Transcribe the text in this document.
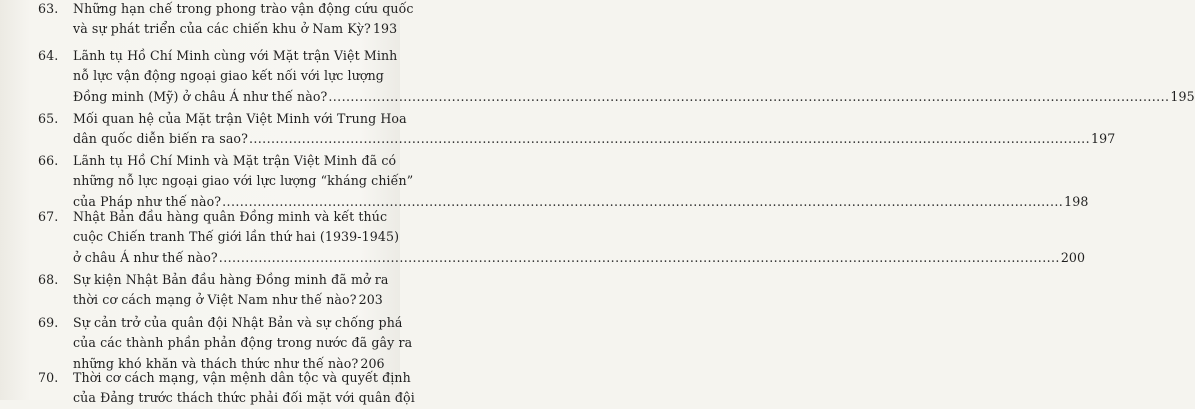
63. Những hạn chế trong phong trào vận động cứu quốc
và sự phát triển của các chiến khu ở Nam Kỳ? 193
64. Lãnh tụ Hồ Chí Minh cùng với Mặt trận Việt Minh
nỗ lực vận động ngoại giao kết nối với lực lượng
Đồng minh (Mỹ) ở châu Á như thế nào? ............................................................................................................................................................................................... 195
65. Mối quan hệ của Mặt trận Việt Minh với Trung Hoa
dân quốc diễn biến ra sao? ............................................................................................................................................................................................... 197
66. Lãnh tụ Hồ Chí Minh và Mặt trận Việt Minh đã có
những nỗ lực ngoại giao với lực lượng “kháng chiến”
của Pháp như thế nào? ............................................................................................................................................................................................... 198
67. Nhật Bản đầu hàng quân Đồng minh và kết thúc
cuộc Chiến tranh Thế giới lần thứ hai (1939-1945)
ở châu Á như thế nào? ............................................................................................................................................................................................... 200
68. Sự kiện Nhật Bản đầu hàng Đồng minh đã mở ra
thời cơ cách mạng ở Việt Nam như thế nào? 203
69. Sự cản trở của quân đội Nhật Bản và sự chống phá
của các thành phần phản động trong nước đã gây ra
những khó khăn và thách thức như thế nào? 206
70. Thời cơ cách mạng, vận mệnh dân tộc và quyết định
của Đảng trước thách thức phải đối mặt với quân đội
